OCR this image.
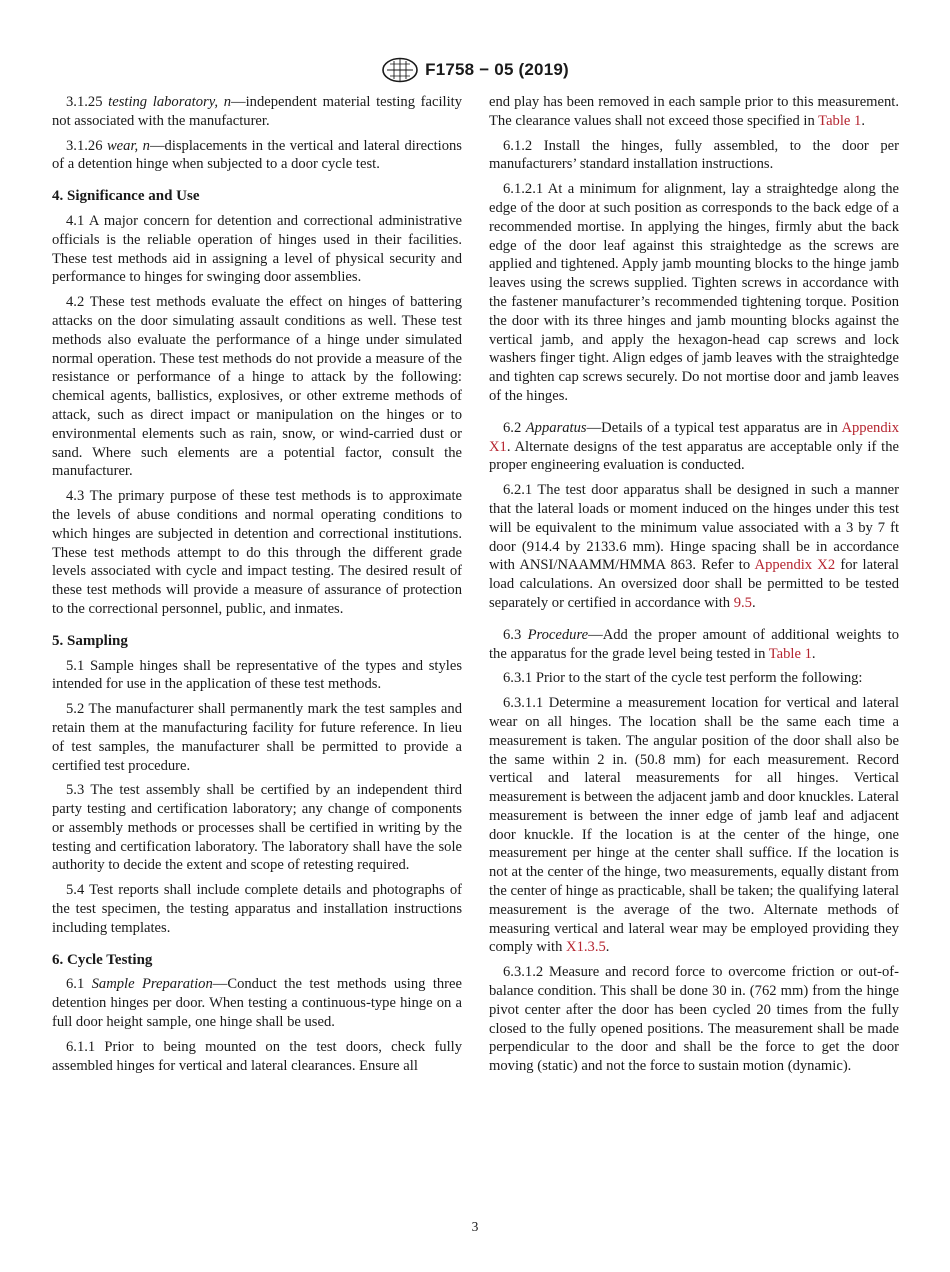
F1758 − 05 (2019)

3.1.25 testing laboratory, n—independent material testing facility not associated with the manufacturer.

3.1.26 wear, n—displacements in the vertical and lateral directions of a detention hinge when subjected to a door cycle test.

4. Significance and Use

4.1 A major concern for detention and correctional administrative officials is the reliable operation of hinges used in their facilities. These test methods aid in assigning a level of physical security and performance to hinges for swinging door assemblies.

4.2 These test methods evaluate the effect on hinges of battering attacks on the door simulating assault conditions as well. These test methods also evaluate the performance of a hinge under simulated normal operation. These test methods do not provide a measure of the resistance or performance of a hinge to attack by the following: chemical agents, ballistics, explosives, or other extreme methods of attack, such as direct impact or manipulation on the hinges or to environmental elements such as rain, snow, or wind-carried dust or sand. Where such elements are a potential factor, consult the manufacturer.

4.3 The primary purpose of these test methods is to approximate the levels of abuse conditions and normal operating conditions to which hinges are subjected in detention and correctional institutions. These test methods attempt to do this through the different grade levels associated with cycle and impact testing. The desired result of these test methods will provide a measure of assurance of protection to the correctional personnel, public, and inmates.

5. Sampling

5.1 Sample hinges shall be representative of the types and styles intended for use in the application of these test methods.

5.2 The manufacturer shall permanently mark the test samples and retain them at the manufacturing facility for future reference. In lieu of test samples, the manufacturer shall be permitted to provide a certified test procedure.

5.3 The test assembly shall be certified by an independent third party testing and certification laboratory; any change of components or assembly methods or processes shall be certified in writing by the testing and certification laboratory. The laboratory shall have the sole authority to decide the extent and scope of retesting required.

5.4 Test reports shall include complete details and photographs of the test specimen, the testing apparatus and installation instructions including templates.

6. Cycle Testing

6.1 Sample Preparation—Conduct the test methods using three detention hinges per door. When testing a continuous-type hinge on a full door height sample, one hinge shall be used.

6.1.1 Prior to being mounted on the test doors, check fully assembled hinges for vertical and lateral clearances. Ensure all

end play has been removed in each sample prior to this measurement. The clearance values shall not exceed those specified in Table 1.

6.1.2 Install the hinges, fully assembled, to the door per manufacturers’ standard installation instructions.

6.1.2.1 At a minimum for alignment, lay a straightedge along the edge of the door at such position as corresponds to the back edge of a recommended mortise. In applying the hinges, firmly abut the back edge of the door leaf against this straightedge as the screws are applied and tightened. Apply jamb mounting blocks to the hinge jamb leaves using the screws supplied. Tighten screws in accordance with the fastener manufacturer’s recommended tightening torque. Position the door with its three hinges and jamb mounting blocks against the vertical jamb, and apply the hexagon-head cap screws and lock washers finger tight. Align edges of jamb leaves with the straightedge and tighten cap screws securely. Do not mortise door and jamb leaves of the hinges.

6.2 Apparatus—Details of a typical test apparatus are in Appendix X1. Alternate designs of the test apparatus are acceptable only if the proper engineering evaluation is conducted.

6.2.1 The test door apparatus shall be designed in such a manner that the lateral loads or moment induced on the hinges under this test will be equivalent to the minimum value associated with a 3 by 7 ft door (914.4 by 2133.6 mm). Hinge spacing shall be in accordance with ANSI/NAAMM/HMMA 863. Refer to Appendix X2 for lateral load calculations. An oversized door shall be permitted to be tested separately or certified in accordance with 9.5.

6.3 Procedure—Add the proper amount of additional weights to the apparatus for the grade level being tested in Table 1.

6.3.1 Prior to the start of the cycle test perform the following:

6.3.1.1 Determine a measurement location for vertical and lateral wear on all hinges. The location shall be the same each time a measurement is taken. The angular position of the door shall also be the same within 2 in. (50.8 mm) for each measurement. Record vertical and lateral measurements for all hinges. Vertical measurement is between the adjacent jamb and door knuckles. Lateral measurement is between the inner edge of jamb leaf and adjacent door knuckle. If the location is at the center of the hinge, one measurement per hinge at the center shall suffice. If the location is not at the center of the hinge, two measurements, equally distant from the center of hinge as practicable, shall be taken; the qualifying lateral measurement is the average of the two. Alternate methods of measuring vertical and lateral wear may be employed providing they comply with X1.3.5.

6.3.1.2 Measure and record force to overcome friction or out-of-balance condition. This shall be done 30 in. (762 mm) from the hinge pivot center after the door has been cycled 20 times from the fully closed to the fully opened positions. The measurement shall be made perpendicular to the door and shall be the force to get the door moving (static) and not the force to sustain motion (dynamic).

3
